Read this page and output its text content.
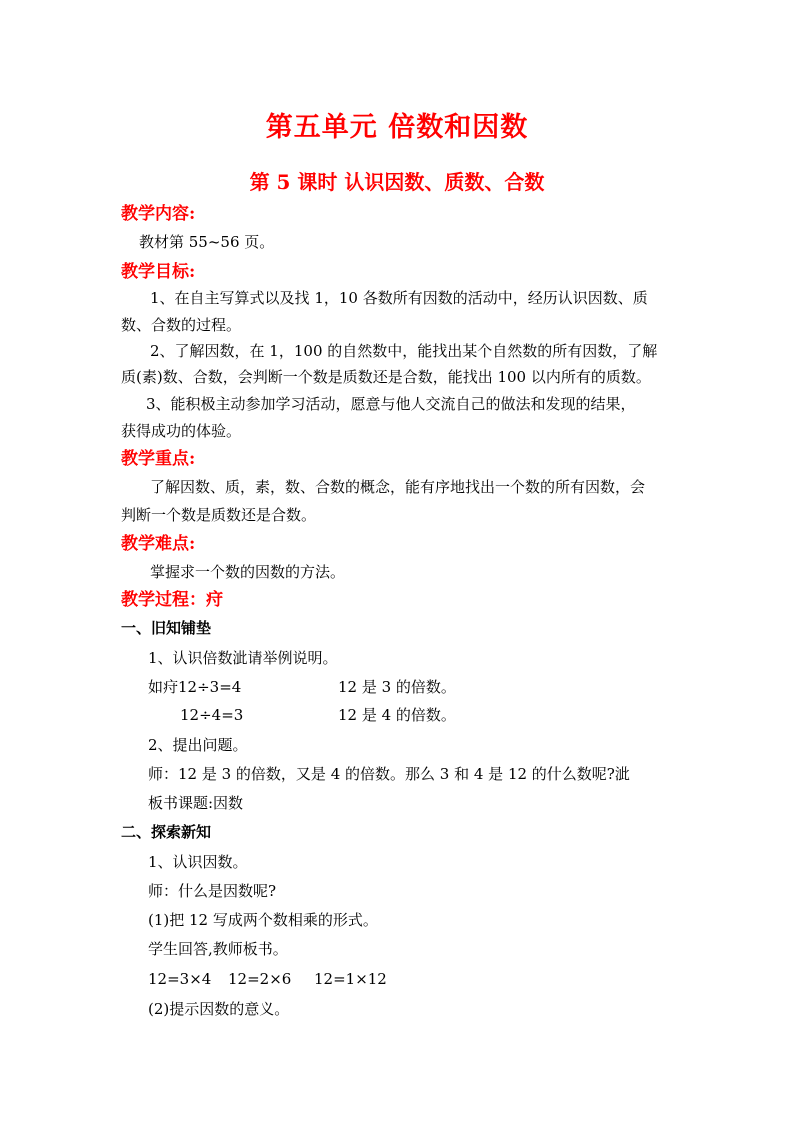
第五单元 倍数和因数
第 5 课时 认识因数、质数、合数
教学内容:
教材第 55~56 页。
教学目标:
1、在自主写算式以及找 1，10 各数所有因数的活动中，经历认识因数、质
数、合数的过程。
2、了解因数，在 1，100 的自然数中，能找出某个自然数的所有因数，了解
质(素)数、合数，会判断一个数是质数还是合数，能找出 100 以内所有的质数。
3、能积极主动参加学习活动，愿意与他人交流自己的做法和发现的结果，
获得成功的体验。
教学重点:
了解因数、质，素，数、合数的概念，能有序地找出一个数的所有因数，会
判断一个数是质数还是合数。
教学难点:
掌握求一个数的因数的方法。
教学过程：疛
一、旧知铺垫
1、认识倍数泚请举例说明。
如疛12÷3=4	12 是 3 的倍数。
12÷4=3	12 是 4 的倍数。
2、提出问题。
师：12 是 3 的倍数，又是 4 的倍数。那么 3 和 4 是 12 的什么数呢?泚
板书课题:因数
二、探索新知
1、认识因数。
师：什么是因数呢?
(1)把 12 写成两个数相乘的形式。
学生回答,教师板书。
12=3×4 12=2×6 12=1×12
(2)提示因数的意义。
